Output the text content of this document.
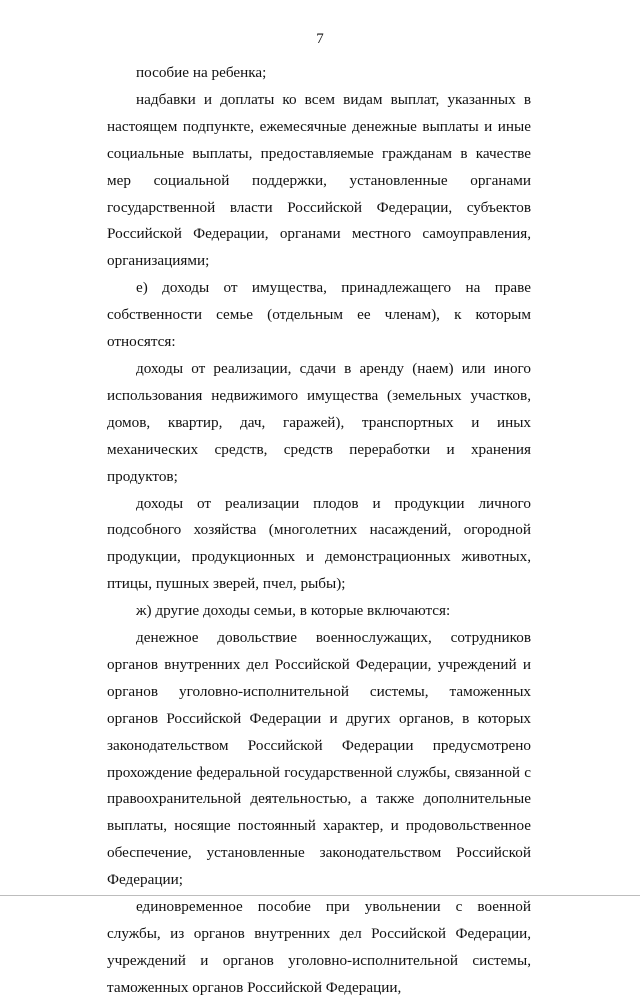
7

пособие на ребенка;

надбавки и доплаты ко всем видам выплат, указанных в настоящем подпункте, ежемесячные денежные выплаты и иные социальные выплаты, предоставляемые гражданам в качестве мер социальной поддержки, установленные органами государственной власти Российской Федерации, субъектов Российской Федерации, органами местного самоуправления, организациями;

е) доходы от имущества, принадлежащего на праве собственности семье (отдельным ее членам), к которым относятся:

доходы от реализации, сдачи в аренду (наем) или иного использования недвижимого имущества (земельных участков, домов, квартир, дач, гаражей), транспортных и иных механических средств, средств переработки и хранения продуктов;

доходы от реализации плодов и продукции личного подсобного хозяйства (многолетних насаждений, огородной продукции, продукционных и демонстрационных животных, птицы, пушных зверей, пчел, рыбы);

ж) другие доходы семьи, в которые включаются:

денежное довольствие военнослужащих, сотрудников органов внутренних дел Российской Федерации, учреждений и органов уголовно-исполнительной системы, таможенных органов Российской Федерации и других органов, в которых законодательством Российской Федерации предусмотрено прохождение федеральной государственной службы, связанной с правоохранительной деятельностью, а также дополнительные выплаты, носящие постоянный характер, и продовольственное обеспечение, установленные законодательством Российской Федерации;

единовременное пособие при увольнении с военной службы, из органов внутренних дел Российской Федерации, учреждений и органов уголовно-исполнительной системы, таможенных органов Российской Федерации,
